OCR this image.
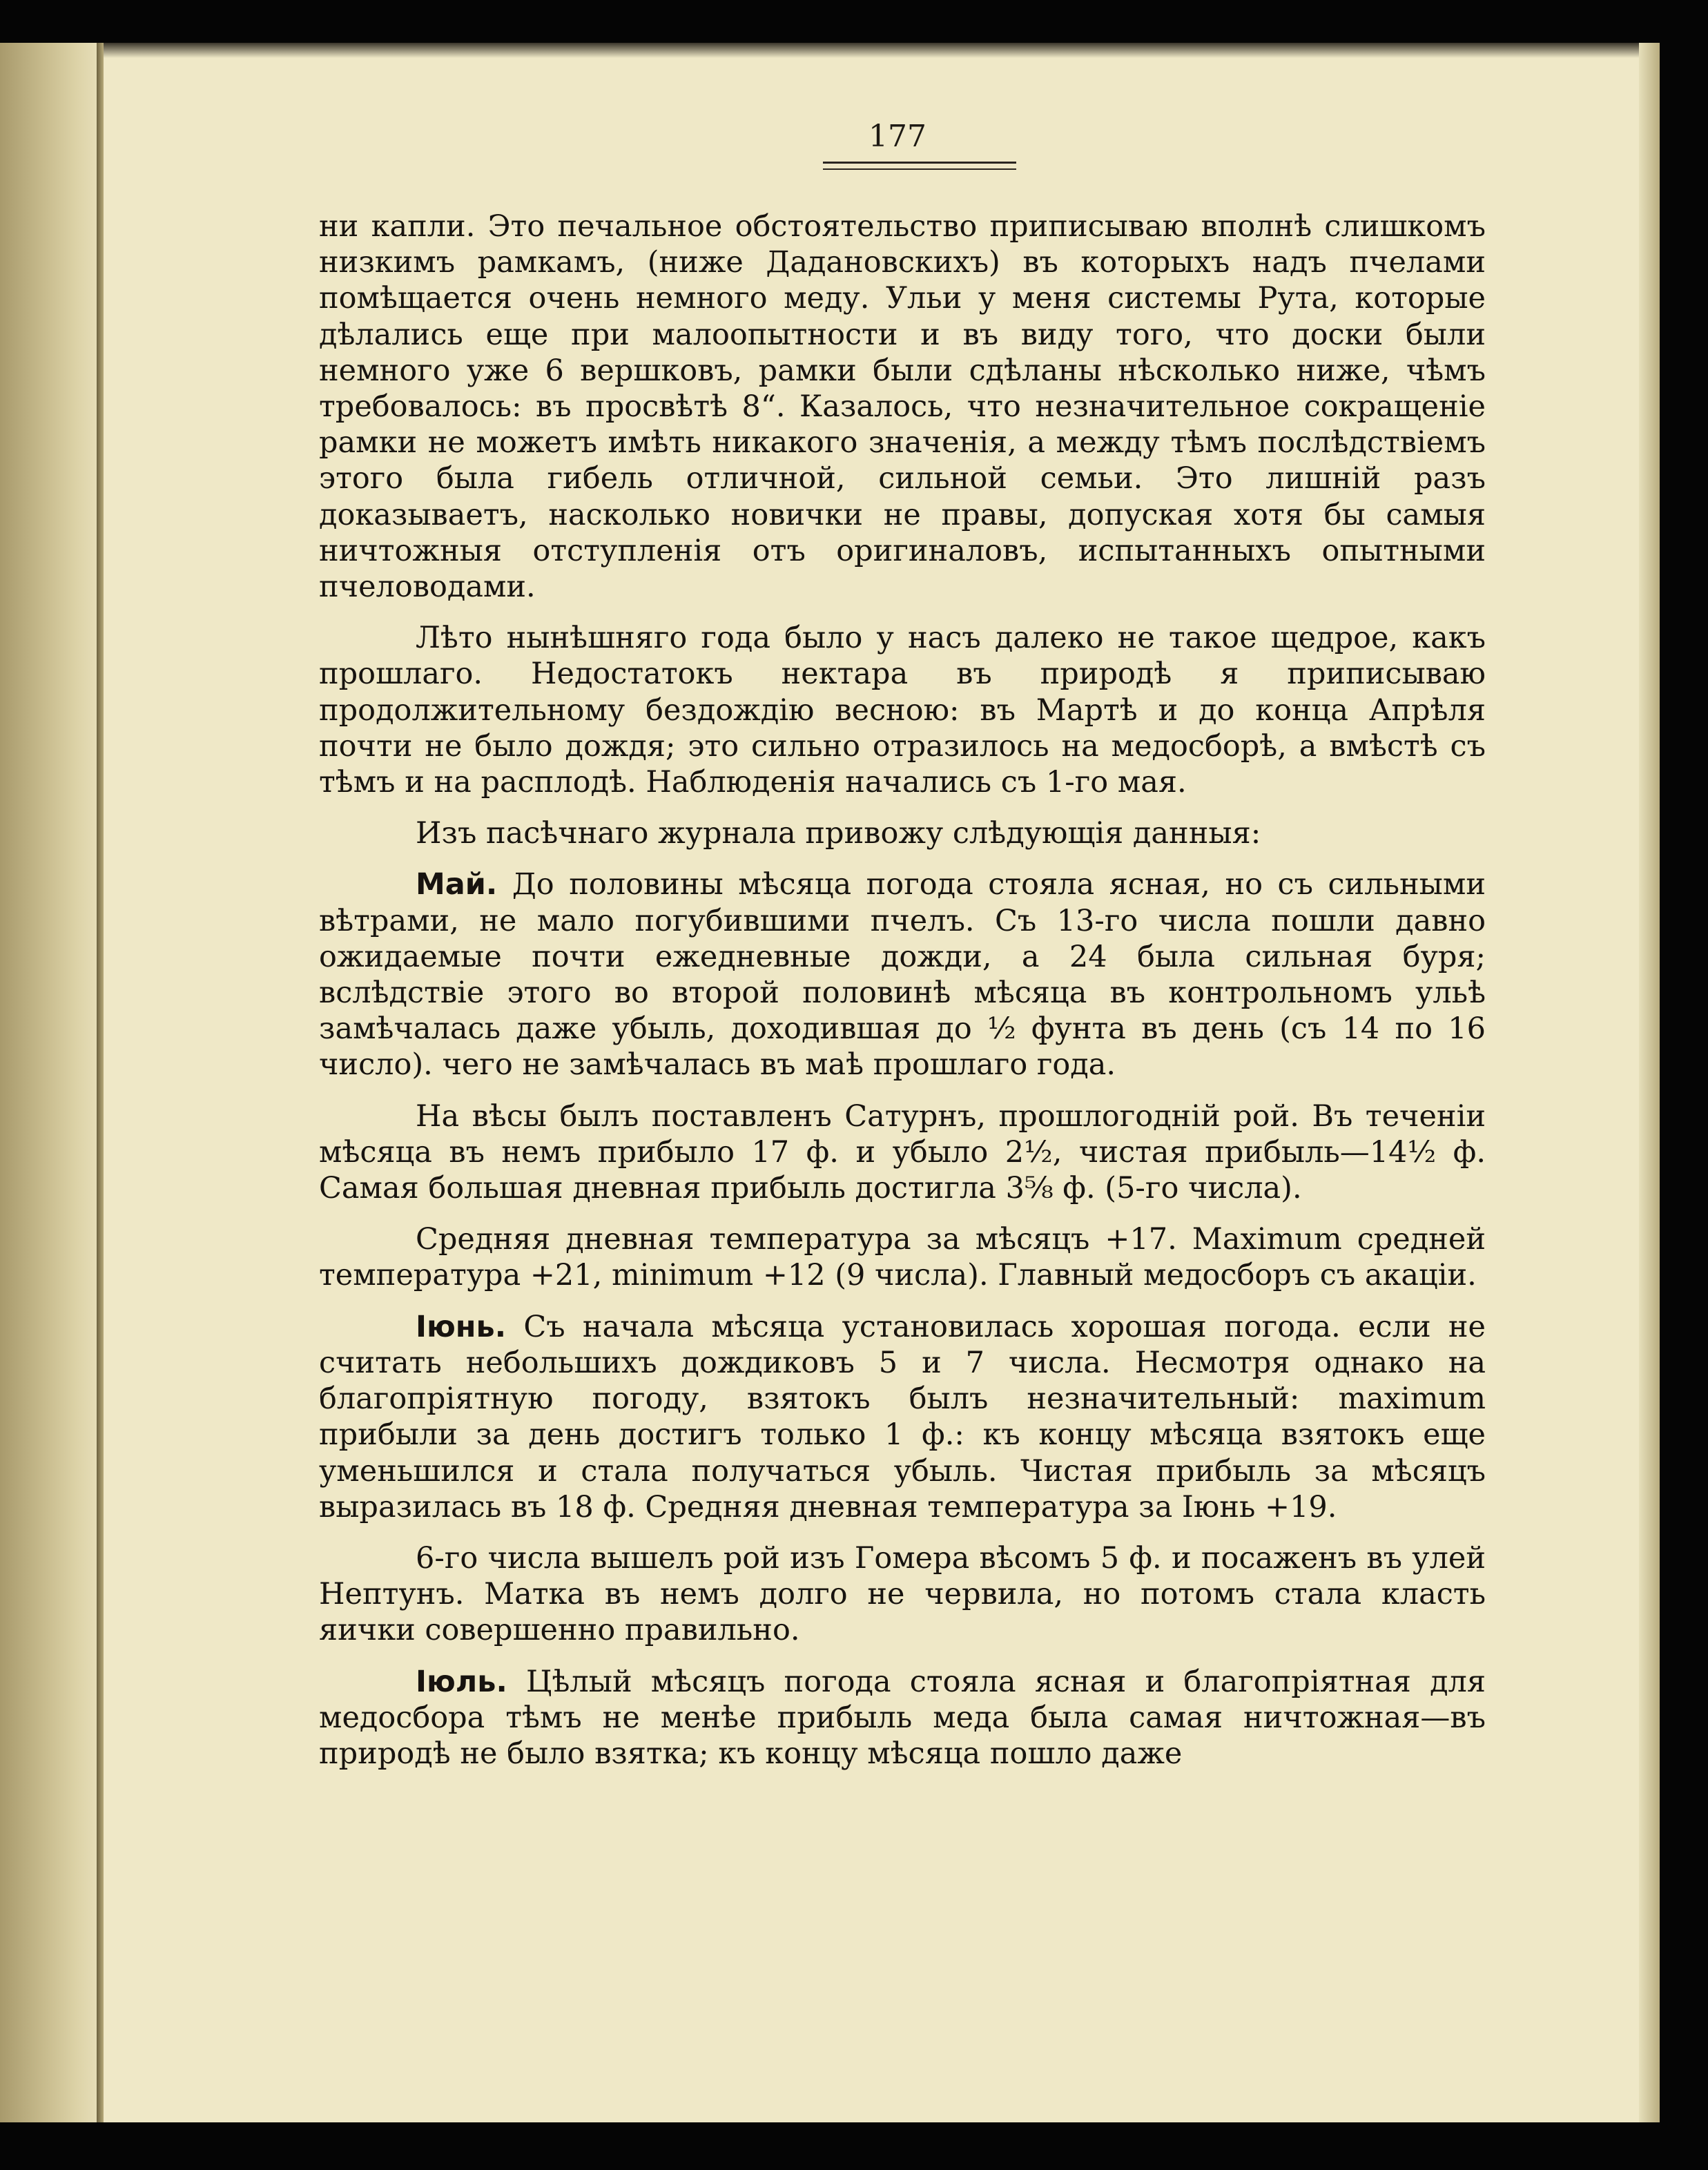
177

ни капли. Это печальное обстоятельство приписываю вполнѣ слишкомъ низкимъ рамкамъ, (ниже Дадановскихъ) въ которыхъ надъ пчелами помѣщается очень немного меду. Ульи у меня системы Рута, которые дѣлались еще при малоопытности и въ виду того, что доски были немного уже 6 вершковъ, рамки были сдѣланы нѣсколько ниже, чѣмъ требовалось: въ просвѣтѣ 8“. Казалось, что незначительное сокращеніе рамки не можетъ имѣть никакого значенія, а между тѣмъ послѣдствіемъ этого была гибель отличной, сильной семьи. Это лишній разъ доказываетъ, насколько новички не правы, допуская хотя бы самыя ничтожныя отступленія отъ оригиналовъ, испытанныхъ опытными пчеловодами.

Лѣто нынѣшняго года было у насъ далеко не такое щедрое, какъ прошлаго. Недостатокъ нектара въ природѣ я приписываю продолжительному бездождію весною: въ Мартѣ и до конца Апрѣля почти не было дождя; это сильно отразилось на медосборѣ, а вмѣстѣ съ тѣмъ и на расплодѣ. Наблюденія начались съ 1-го мая.

Изъ пасѣчнаго журнала привожу слѣдующія данныя:

Май. До половины мѣсяца погода стояла ясная, но съ сильными вѣтрами, не мало погубившими пчелъ. Съ 13-го числа пошли давно ожидаемые почти ежедневные дожди, а 24 была сильная буря; вслѣдствіе этого во второй половинѣ мѣсяца въ контрольномъ ульѣ замѣчалась даже убыль, доходившая до ½ фунта въ день (съ 14 по 16 число). чего не замѣчалась въ маѣ прошлаго года.

На вѣсы былъ поставленъ Сатурнъ, прошлогодній рой. Въ теченіи мѣсяца въ немъ прибыло 17 ф. и убыло 2½, чистая прибыль—14½ ф. Самая большая дневная прибыль достигла 3⅝ ф. (5-го числа).

Средняя дневная температура за мѣсяцъ +17. Maximum средней температура +21, minimum +12 (9 числа). Главный медосборъ съ акаціи.

Іюнь. Съ начала мѣсяца установилась хорошая погода. если не считать небольшихъ дождиковъ 5 и 7 числа. Несмотря однако на благопріятную погоду, взятокъ былъ незначительный: maximum прибыли за день достигъ только 1 ф.: къ концу мѣсяца взятокъ еще уменьшился и стала получаться убыль. Чистая прибыль за мѣсяцъ выразилась въ 18 ф. Средняя дневная температура за Іюнь +19.

6-го числа вышелъ рой изъ Гомера вѣсомъ 5 ф. и посаженъ въ улей Нептунъ. Матка въ немъ долго не червила, но потомъ стала класть яички совершенно правильно.

Іюль. Цѣлый мѣсяцъ погода стояла ясная и благопріятная для медосбора тѣмъ не менѣе прибыль меда была самая ничтожная—въ природѣ не было взятка; къ концу мѣсяца пошло даже
